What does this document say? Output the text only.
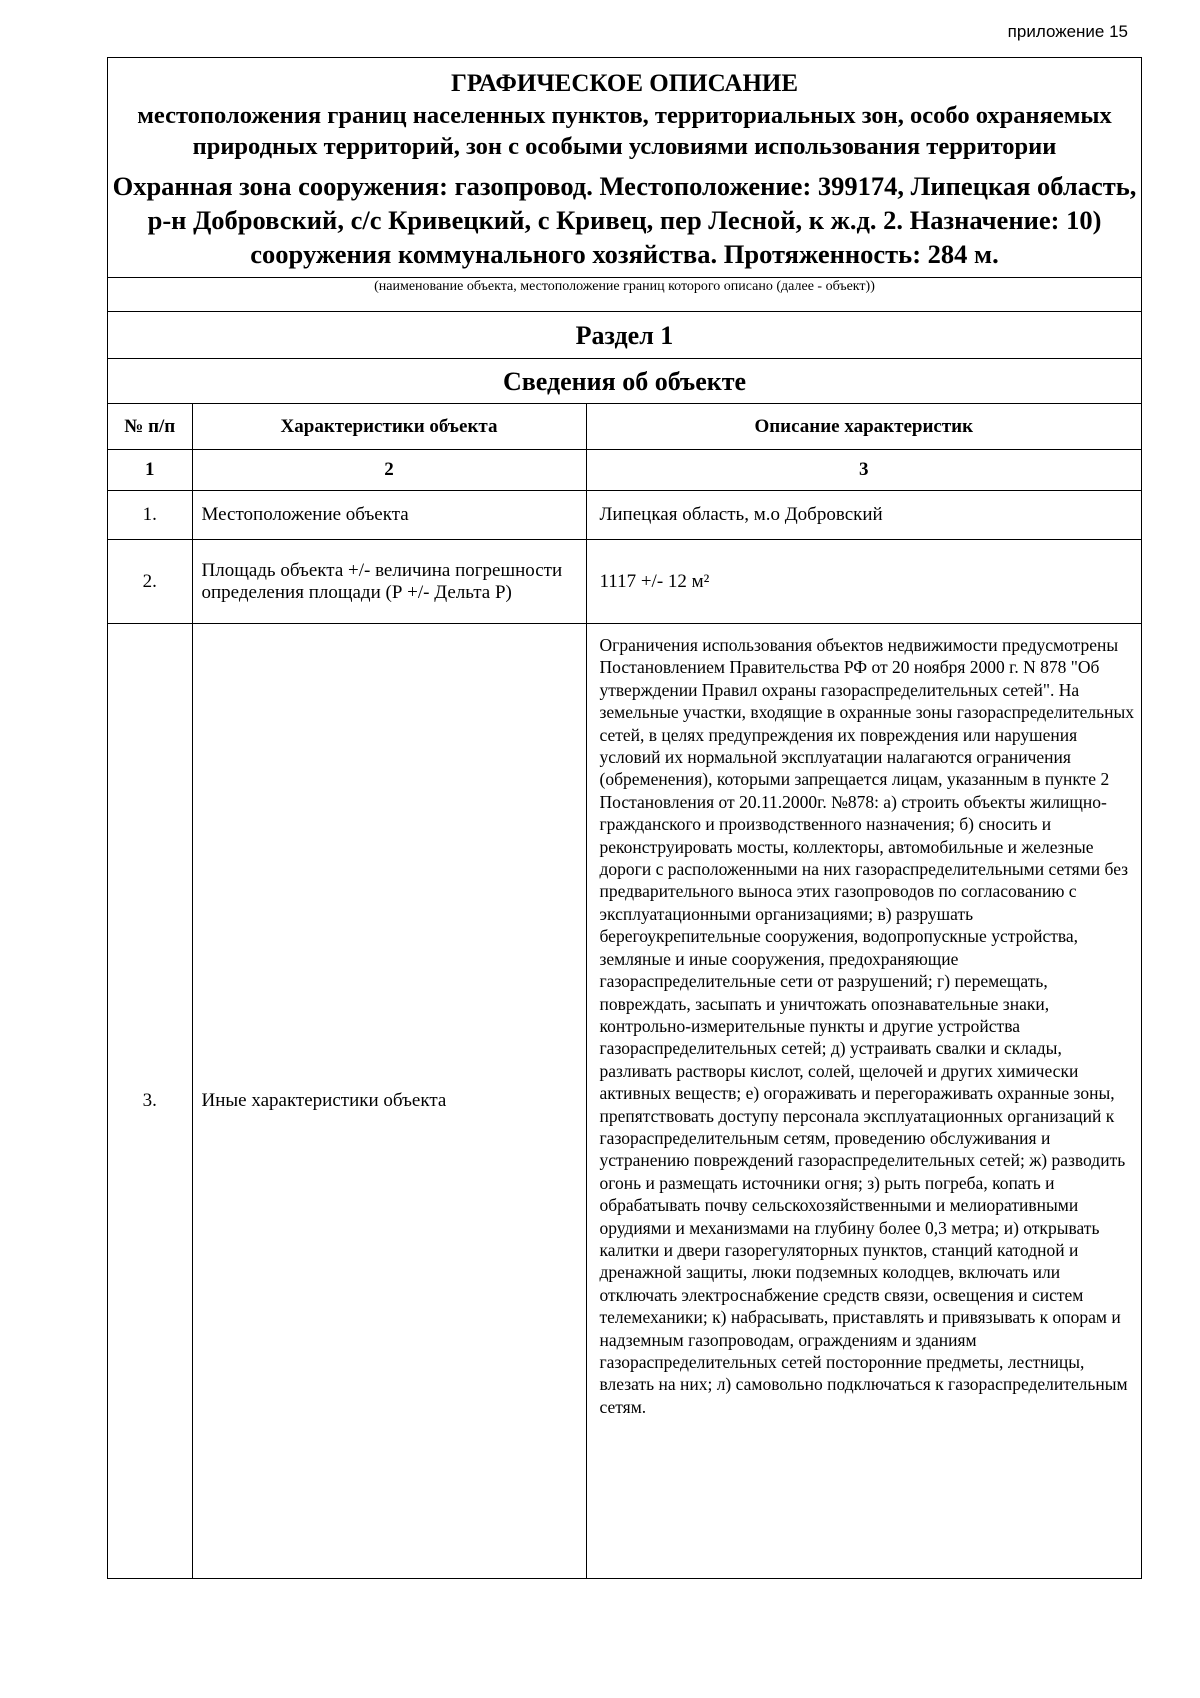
приложение 15
ГРАФИЧЕСКОЕ ОПИСАНИЕ
местоположения границ населенных пунктов, территориальных зон, особо охраняемых природных территорий, зон с особыми условиями использования территории
Охранная зона сооружения: газопровод. Местоположение: 399174, Липецкая область, р-н Добровский, с/с Кривецкий, с Кривец, пер Лесной, к ж.д. 2. Назначение: 10) сооружения коммунального хозяйства. Протяженность: 284 м.
(наименование объекта, местоположение границ которого описано (далее - объект))
Раздел 1
Сведения об объекте
№ п/п	Характеристики объекта	Описание характеристик
1	2	3
1.	Местоположение объекта	Липецкая область, м.о Добровский
2.	Площадь объекта +/- величина погрешности определения площади (Р +/- Дельта Р)	1117 +/- 12 м²
3.	Иные характеристики объекта	Ограничения использования объектов недвижимости предусмотрены Постановлением Правительства РФ от 20 ноября 2000 г. N 878 "Об утверждении Правил охраны газораспределительных сетей". На земельные участки, входящие в охранные зоны газораспределительных сетей, в целях предупреждения их повреждения или нарушения условий их нормальной эксплуатации налагаются ограничения (обременения), которыми запрещается лицам, указанным в пункте 2 Постановления от 20.11.2000г. №878: а) строить объекты жилищно-гражданского и производственного назначения; б) сносить и реконструировать мосты, коллекторы, автомобильные и железные дороги с расположенными на них газораспределительными сетями без предварительного выноса этих газопроводов по согласованию с эксплуатационными организациями; в) разрушать берегоукрепительные сооружения, водопропускные устройства, земляные и иные сооружения, предохраняющие газораспределительные сети от разрушений; г) перемещать, повреждать, засыпать и уничтожать опознавательные знаки, контрольно-измерительные пункты и другие устройства газораспределительных сетей; д) устраивать свалки и склады, разливать растворы кислот, солей, щелочей и других химически активных веществ; е) огораживать и перегораживать охранные зоны, препятствовать доступу персонала эксплуатационных организаций к газораспределительным сетям, проведению обслуживания и устранению повреждений газораспределительных сетей; ж) разводить огонь и размещать источники огня; з) рыть погреба, копать и обрабатывать почву сельскохозяйственными и мелиоративными орудиями и механизмами на глубину более 0,3 метра; и) открывать калитки и двери газорегуляторных пунктов, станций катодной и дренажной защиты, люки подземных колодцев, включать или отключать электроснабжение средств связи, освещения и систем телемеханики; к) набрасывать, приставлять и привязывать к опорам и надземным газопроводам, ограждениям и зданиям газораспределительных сетей посторонние предметы, лестницы, влезать на них; л) самовольно подключаться к газораспределительным сетям.
